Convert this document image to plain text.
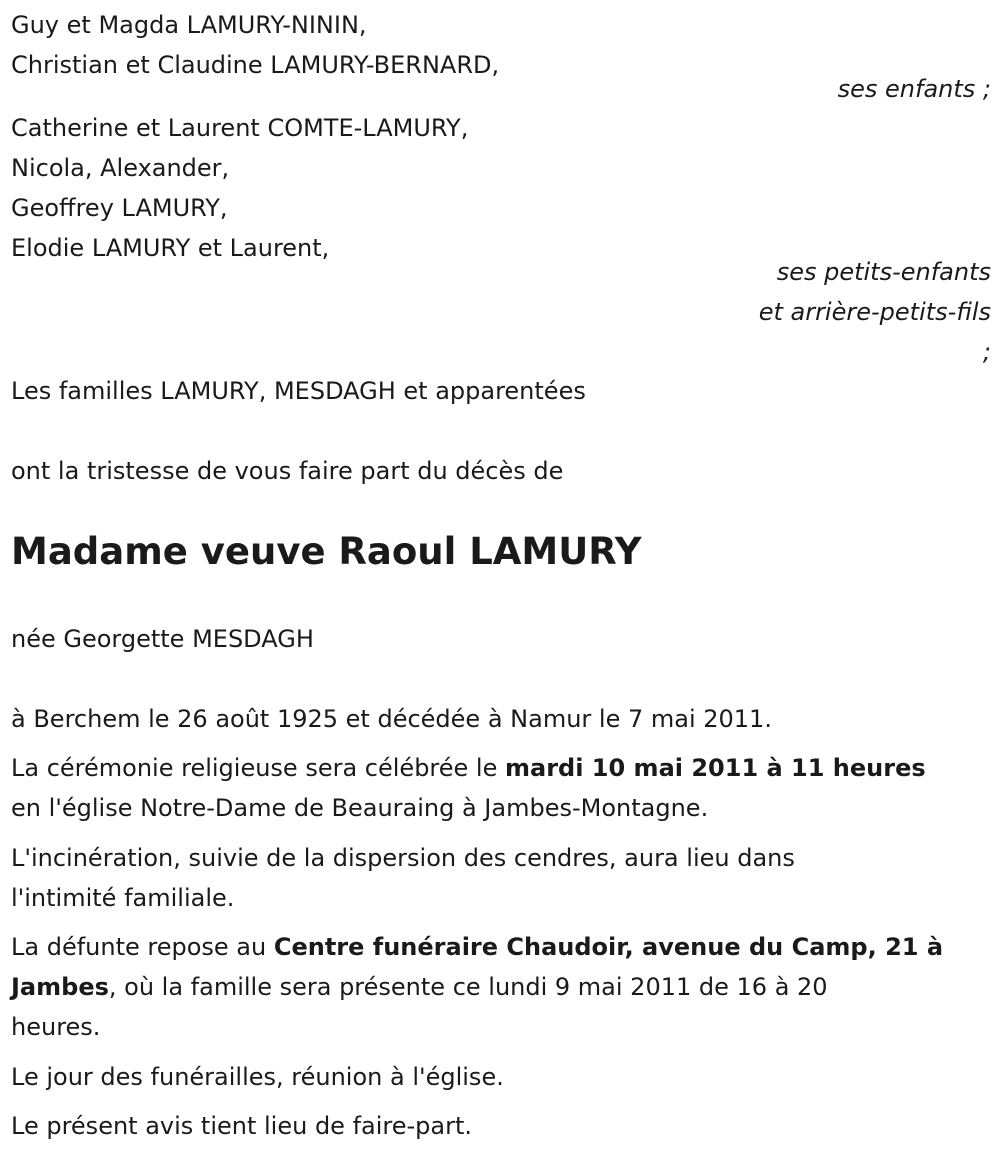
Guy et Magda LAMURY-NININ,
Christian et Claudine LAMURY-BERNARD,
ses enfants ;
Catherine et Laurent COMTE-LAMURY,
Nicola, Alexander,
Geoffrey LAMURY,
Elodie LAMURY et Laurent,
ses petits-enfants
et arrière-petits-fils
;
Les familles LAMURY, MESDAGH et apparentées
ont la tristesse de vous faire part du décès de
Madame veuve Raoul LAMURY
née Georgette MESDAGH
à Berchem le 26 août 1925 et décédée à Namur le 7 mai 2011.
La cérémonie religieuse sera célébrée le mardi 10 mai 2011 à 11 heures
en l'église Notre-Dame de Beauraing à Jambes-Montagne.
L'incinération, suivie de la dispersion des cendres, aura lieu dans
l'intimité familiale.
La défunte repose au Centre funéraire Chaudoir, avenue du Camp, 21 à
Jambes, où la famille sera présente ce lundi 9 mai 2011 de 16 à 20
heures.
Le jour des funérailles, réunion à l'église.
Le présent avis tient lieu de faire-part.
